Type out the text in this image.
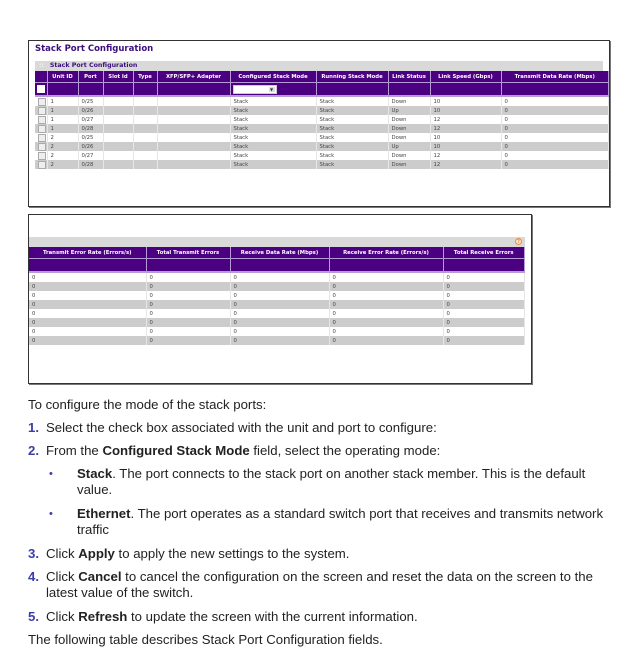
Stack Port Configuration
:: Stack Port Configuration
	Unit ID	Port	Slot Id	Type	XFP/SFP+ Adapter	Configured Stack Mode	Running Stack Mode	Link Status	Link Speed (Gbps)	Transmit Data Rate (Mbps)

						▼				

	1	0/25				Stack	Stack	Down	10	0
	1	0/26				Stack	Stack	Up	10	0
	1	0/27				Stack	Stack	Down	12	0
	1	0/28				Stack	Stack	Down	12	0
	2	0/25				Stack	Stack	Down	10	0
	2	0/26				Stack	Stack	Up	10	0
	2	0/27				Stack	Stack	Down	12	0
	2	0/28				Stack	Stack	Down	12	0
?
Transmit Error Rate (Errors/s)	Total Transmit Errors	Receive Data Rate (Mbps)	Receive Error Rate (Errors/s)	Total Receive Errors

0	0	0	0	0
0	0	0	0	0
0	0	0	0	0
0	0	0	0	0
0	0	0	0	0
0	0	0	0	0
0	0	0	0	0
0	0	0	0	0
To configure the mode of the stack ports:
1. Select the check box associated with the unit and port to configure:
2. From the Configured Stack Mode field, select the operating mode:
• Stack. The port connects to the stack port on another stack member. This is the default value.
• Ethernet. The port operates as a standard switch port that receives and transmits network traffic
3. Click Apply to apply the new settings to the system.
4. Click Cancel to cancel the configuration on the screen and reset the data on the screen to the latest value of the switch.
5. Click Refresh to update the screen with the current information.
The following table describes Stack Port Configuration fields.
